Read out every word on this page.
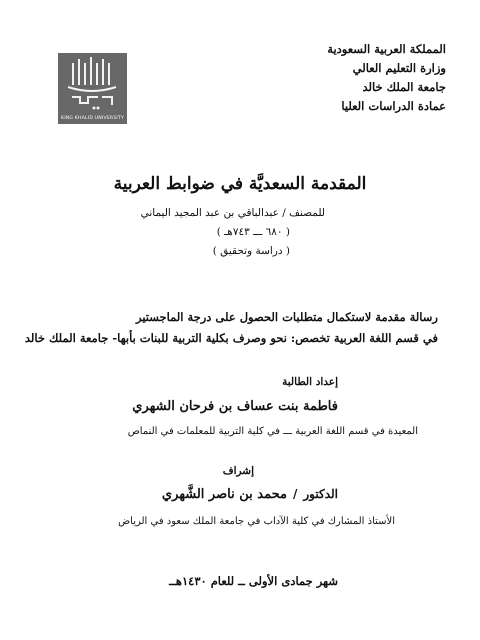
المملكة العربية السعودية
وزارة التعليم العالي
جامعة الملك خالد
عمادة الدراسات العليا
KING KHALID UNIVERSITY
المقدمة السعديَّة في ضوابط العربية
للمصنف / عبدالباقي بن عبد المجيد اليماني
( ٦٨٠ ـــ ٧٤٣هـ )
( دراسة وتحقيق )
رسالة مقدمة لاستكمال متطلبات الحصول على درجة الماجستير
في قسم اللغة العربية تخصص: نحو وصرف بكلية التربية للبنات بأبها- جامعة الملك خالد
إعداد الطالبة
فاطمة بنت عساف بن فرحان الشهري
المعيدة في قسم اللغة العربية ـــ في كلية التربية للمعلمات في النماص
إشراف
الدكتور
/
محمد بن ناصر الشَّهري
الأستاذ المشارك في كلية الآداب في جامعة الملك سعود في الرياض
شهر جمادى الأولى ــ للعام ١٤٣٠هــ
